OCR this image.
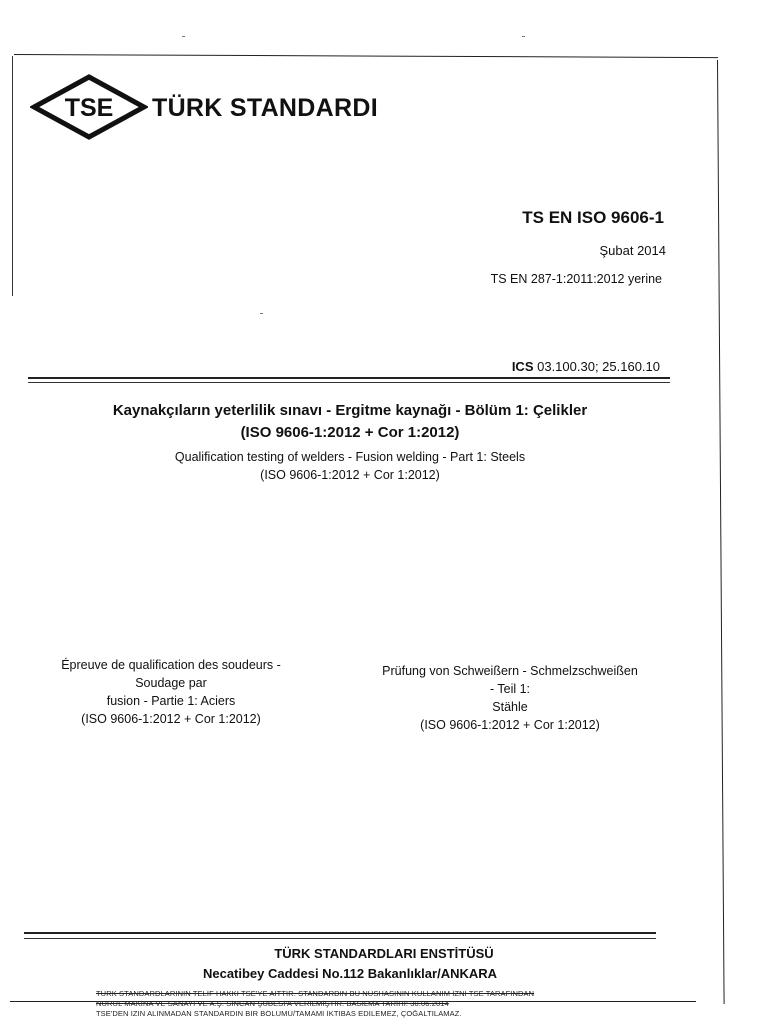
TSE TÜRK STANDARDI
TS EN ISO 9606-1
Şubat 2014
TS EN 287-1:2011:2012 yerine
ICS 03.100.30; 25.160.10
Kaynakçıların yeterlilik sınavı - Ergitme kaynağı - Bölüm 1: Çelikler
(ISO 9606-1:2012 + Cor 1:2012)
Qualification testing of welders - Fusion welding - Part 1: Steels
(ISO 9606-1:2012 + Cor 1:2012)
Épreuve de qualification des soudeurs -
Soudage par
fusion - Partie 1: Aciers
(ISO 9606-1:2012 + Cor 1:2012)
Prüfung von Schweißern - Schmelzschweißen
- Teil 1:
Stähle
(ISO 9606-1:2012 + Cor 1:2012)
TÜRK STANDARDLARI ENSTİTÜSÜ
Necatibey Caddesi No.112 Bakanlıklar/ANKARA
TÜRK STANDARDLARININ TELİF HAKKI TSE'YE AİTTİR. STANDARDIN BU NÜSHASININ KULLANIM İZNİ TSE TARAFINDAN
NURUL MAKİNA VE SANAYİ VE A.Ş. SİNCAN ŞUBESİ'A VERİLMİŞTİR. BASILMA TARİHİ: 30.06.2014
TSE'DEN İZİN ALINMADAN STANDARDIN BİR BÖLÜMÜ/TAMAMI İKTİBAS EDİLEMEZ, ÇOĞALTILAMAZ.
